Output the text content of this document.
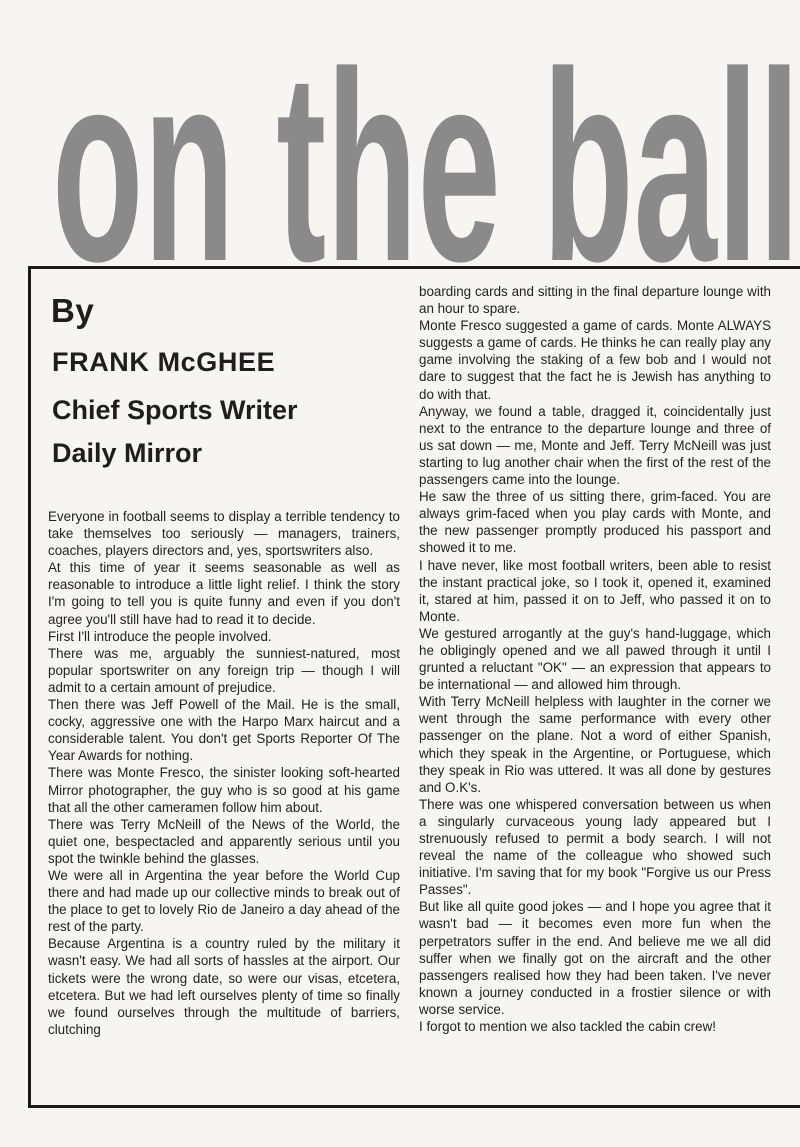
on the ball

By

FRANK McGHEE

Chief Sports Writer

Daily Mirror

Everyone in football seems to display a terrible tendency to take themselves too seriously — managers, trainers, coaches, players directors and, yes, sportswriters also.

At this time of year it seems seasonable as well as reasonable to introduce a little light relief. I think the story I'm going to tell you is quite funny and even if you don't agree you'll still have had to read it to decide.

First I'll introduce the people involved.

There was me, arguably the sunniest-natured, most popular sportswriter on any foreign trip — though I will admit to a certain amount of prejudice.

Then there was Jeff Powell of the Mail. He is the small, cocky, aggressive one with the Harpo Marx haircut and a considerable talent. You don't get Sports Reporter Of The Year Awards for nothing.

There was Monte Fresco, the sinister looking soft-hearted Mirror photographer, the guy who is so good at his game that all the other cameramen follow him about.

There was Terry McNeill of the News of the World, the quiet one, bespectacled and apparently serious until you spot the twinkle behind the glasses.

We were all in Argentina the year before the World Cup there and had made up our collective minds to break out of the place to get to lovely Rio de Janeiro a day ahead of the rest of the party.

Because Argentina is a country ruled by the military it wasn't easy. We had all sorts of hassles at the airport. Our tickets were the wrong date, so were our visas, etcetera, etcetera. But we had left ourselves plenty of time so finally we found ourselves through the multitude of barriers, clutching

boarding cards and sitting in the final departure lounge with an hour to spare.

Monte Fresco suggested a game of cards. Monte ALWAYS suggests a game of cards. He thinks he can really play any game involving the staking of a few bob and I would not dare to suggest that the fact he is Jewish has anything to do with that.

Anyway, we found a table, dragged it, coincidentally just next to the entrance to the departure lounge and three of us sat down — me, Monte and Jeff. Terry McNeill was just starting to lug another chair when the first of the rest of the passengers came into the lounge.

He saw the three of us sitting there, grim-faced. You are always grim-faced when you play cards with Monte, and the new passenger promptly produced his passport and showed it to me.

I have never, like most football writers, been able to resist the instant practical joke, so I took it, opened it, examined it, stared at him, passed it on to Jeff, who passed it on to Monte.

We gestured arrogantly at the guy's hand-luggage, which he obligingly opened and we all pawed through it until I grunted a reluctant "OK" — an expression that appears to be international — and allowed him through.

With Terry McNeill helpless with laughter in the corner we went through the same performance with every other passenger on the plane. Not a word of either Spanish, which they speak in the Argentine, or Portuguese, which they speak in Rio was uttered. It was all done by gestures and O.K's.

There was one whispered conversation between us when a singularly curvaceous young lady appeared but I strenuously refused to permit a body search. I will not reveal the name of the colleague who showed such initiative. I'm saving that for my book "Forgive us our Press Passes".

But like all quite good jokes — and I hope you agree that it wasn't bad — it becomes even more fun when the perpetrators suffer in the end. And believe me we all did suffer when we finally got on the aircraft and the other passengers realised how they had been taken. I've never known a journey conducted in a frostier silence or with worse service.

I forgot to mention we also tackled the cabin crew!
